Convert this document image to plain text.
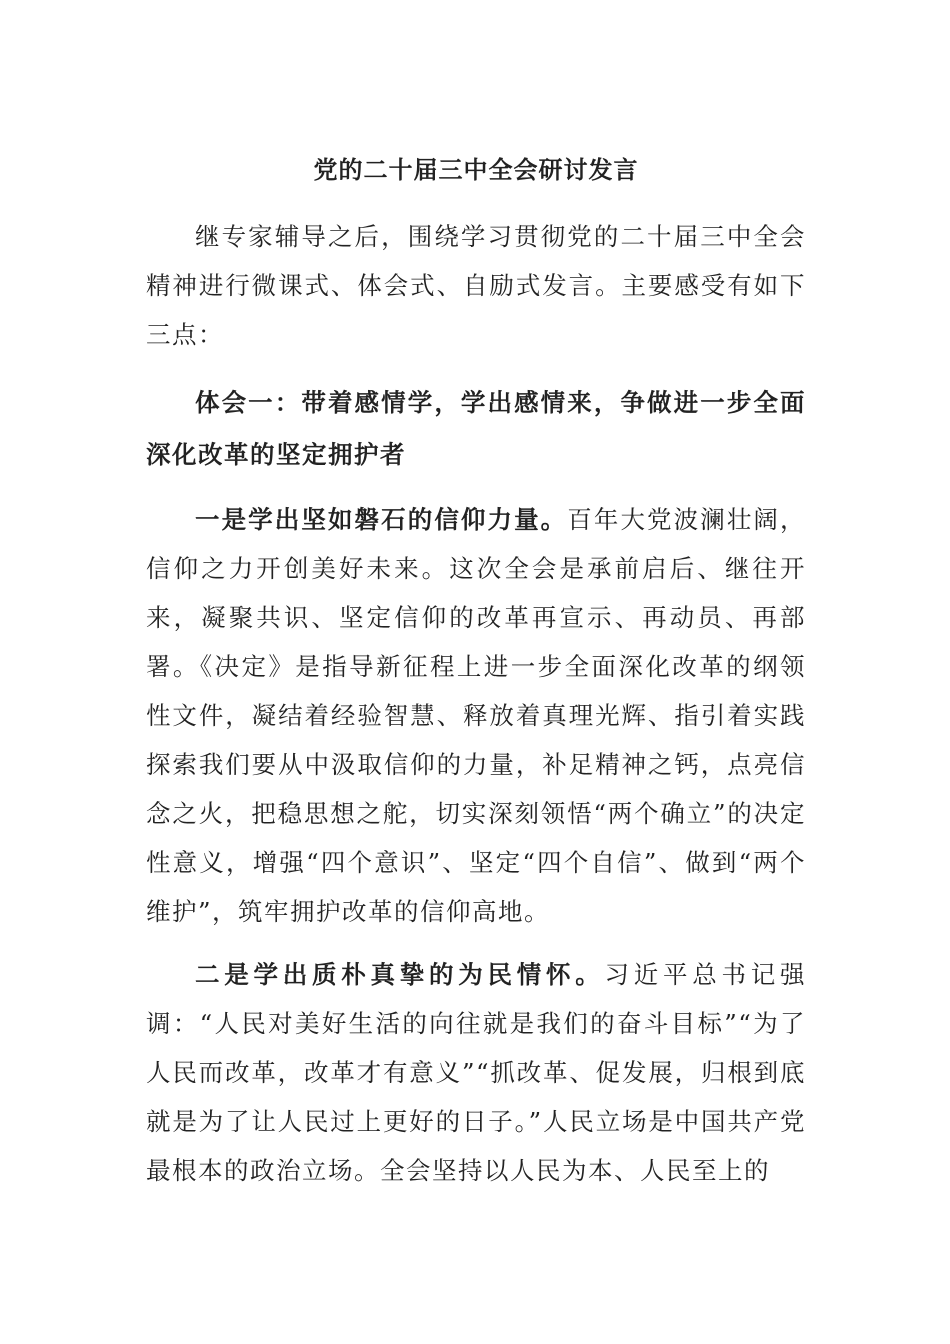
党的二十届三中全会研讨发言

继专家辅导之后，围绕学习贯彻党的二十届三中全会精神进行微课式、体会式、自励式发言。主要感受有如下三点：

体会一：带着感情学，学出感情来，争做进一步全面深化改革的坚定拥护者

一是学出坚如磐石的信仰力量。百年大党波澜壮阔，信仰之力开创美好未来。这次全会是承前启后、继往开来，凝聚共识、坚定信仰的改革再宣示、再动员、再部署。《决定》是指导新征程上进一步全面深化改革的纲领性文件，凝结着经验智慧、释放着真理光辉、指引着实践探索我们要从中汲取信仰的力量，补足精神之钙，点亮信念之火，把稳思想之舵，切实深刻领悟“两个确立”的决定性意义，增强“四个意识”、坚定“四个自信”、做到“两个维护”，筑牢拥护改革的信仰高地。

二是学出质朴真挚的为民情怀。习近平总书记强调：“人民对美好生活的向往就是我们的奋斗目标”“为了人民而改革，改革才有意义”“抓改革、促发展，归根到底就是为了让人民过上更好的日子。”人民立场是中国共产党最根本的政治立场。全会坚持以人民为本、人民至上的
